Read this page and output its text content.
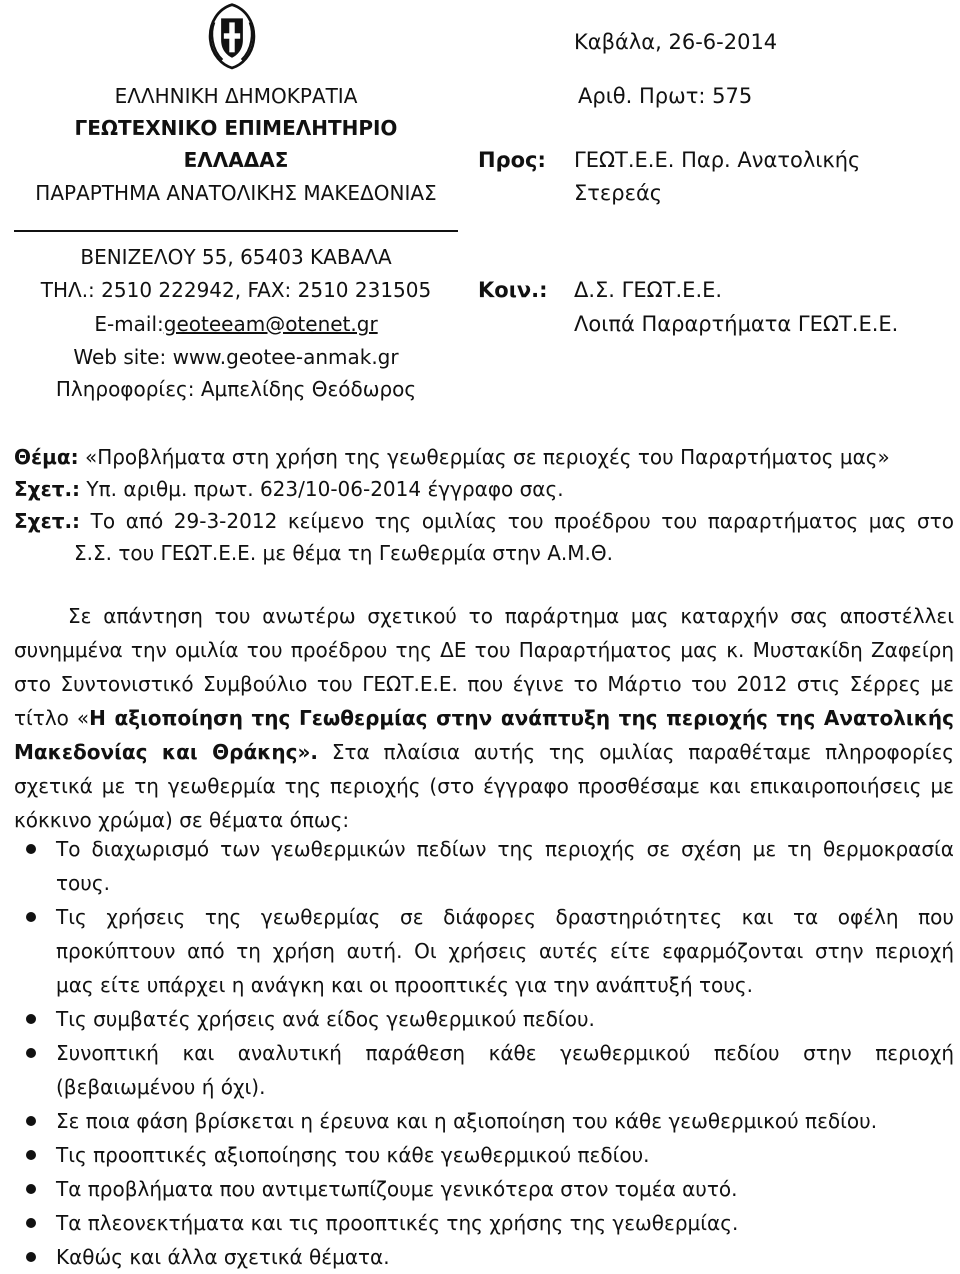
ΕΛΛΗΝΙΚΗ ΔΗΜΟΚΡΑΤΙΑ
ΓΕΩΤΕΧΝΙΚΟ ΕΠΙΜΕΛΗΤΗΡΙΟ
ΕΛΛΑΔΑΣ
ΠΑΡΑΡΤΗΜΑ ΑΝΑΤΟΛΙΚΗΣ ΜΑΚΕΔΟΝΙΑΣ
ΒΕΝΙΖΕΛΟΥ 55, 65403 ΚΑΒΑΛΑ
ΤΗΛ.: 2510 222942, FAX: 2510 231505
E-mail:geoteeam@otenet.gr
Web site: www.geotee-anmak.gr
Πληροφορίες: Αμπελίδης Θεόδωρος
Καβάλα, 26-6-2014
Αριθ. Πρωτ: 575
Προς: ΓΕΩΤ.Ε.Ε. Παρ. Ανατολικής
Στερεάς
Κοιν.: Δ.Σ. ΓΕΩΤ.Ε.Ε.
Λοιπά Παραρτήματα ΓΕΩΤ.Ε.Ε.
Θέμα: «Προβλήματα στη χρήση της γεωθερμίας σε περιοχές του Παραρτήματος μας»
Σχετ.: Υπ. αριθμ. πρωτ. 623/10-06-2014 έγγραφο σας.
Σχετ.: Το από 29-3-2012 κείμενο της ομιλίας του προέδρου του παραρτήματος μας στο
Σ.Σ. του ΓΕΩΤ.Ε.Ε. με θέμα τη Γεωθερμία στην Α.Μ.Θ.
Σε απάντηση του ανωτέρω σχετικού το παράρτημα μας καταρχήν σας αποστέλλει
συνημμένα την ομιλία του προέδρου της ΔΕ του Παραρτήματος μας κ. Μυστακίδη Ζαφείρη
στο Συντονιστικό Συμβούλιο του ΓΕΩΤ.Ε.Ε. που έγινε το Μάρτιο του 2012 στις Σέρρες με
τίτλο «Η αξιοποίηση της Γεωθερμίας στην ανάπτυξη της περιοχής της Ανατολικής
Μακεδονίας και Θράκης». Στα πλαίσια αυτής της ομιλίας παραθέταμε πληροφορίες
σχετικά με τη γεωθερμία της περιοχής (στο έγγραφο προσθέσαμε και επικαιροποιήσεις με
κόκκινο χρώμα) σε θέματα όπως:
Το διαχωρισμό των γεωθερμικών πεδίων της περιοχής σε σχέση με τη θερμοκρασία
τους.
Τις χρήσεις της γεωθερμίας σε διάφορες δραστηριότητες και τα οφέλη που
προκύπτουν από τη χρήση αυτή. Οι χρήσεις αυτές είτε εφαρμόζονται στην περιοχή
μας είτε υπάρχει η ανάγκη και οι προοπτικές για την ανάπτυξή τους.
Τις συμβατές χρήσεις ανά είδος γεωθερμικού πεδίου.
Συνοπτική και αναλυτική παράθεση κάθε γεωθερμικού πεδίου στην περιοχή
(βεβαιωμένου ή όχι).
Σε ποια φάση βρίσκεται η έρευνα και η αξιοποίηση του κάθε γεωθερμικού πεδίου.
Τις προοπτικές αξιοποίησης του κάθε γεωθερμικού πεδίου.
Τα προβλήματα που αντιμετωπίζουμε γενικότερα στον τομέα αυτό.
Τα πλεονεκτήματα και τις προοπτικές της χρήσης της γεωθερμίας.
Καθώς και άλλα σχετικά θέματα.
